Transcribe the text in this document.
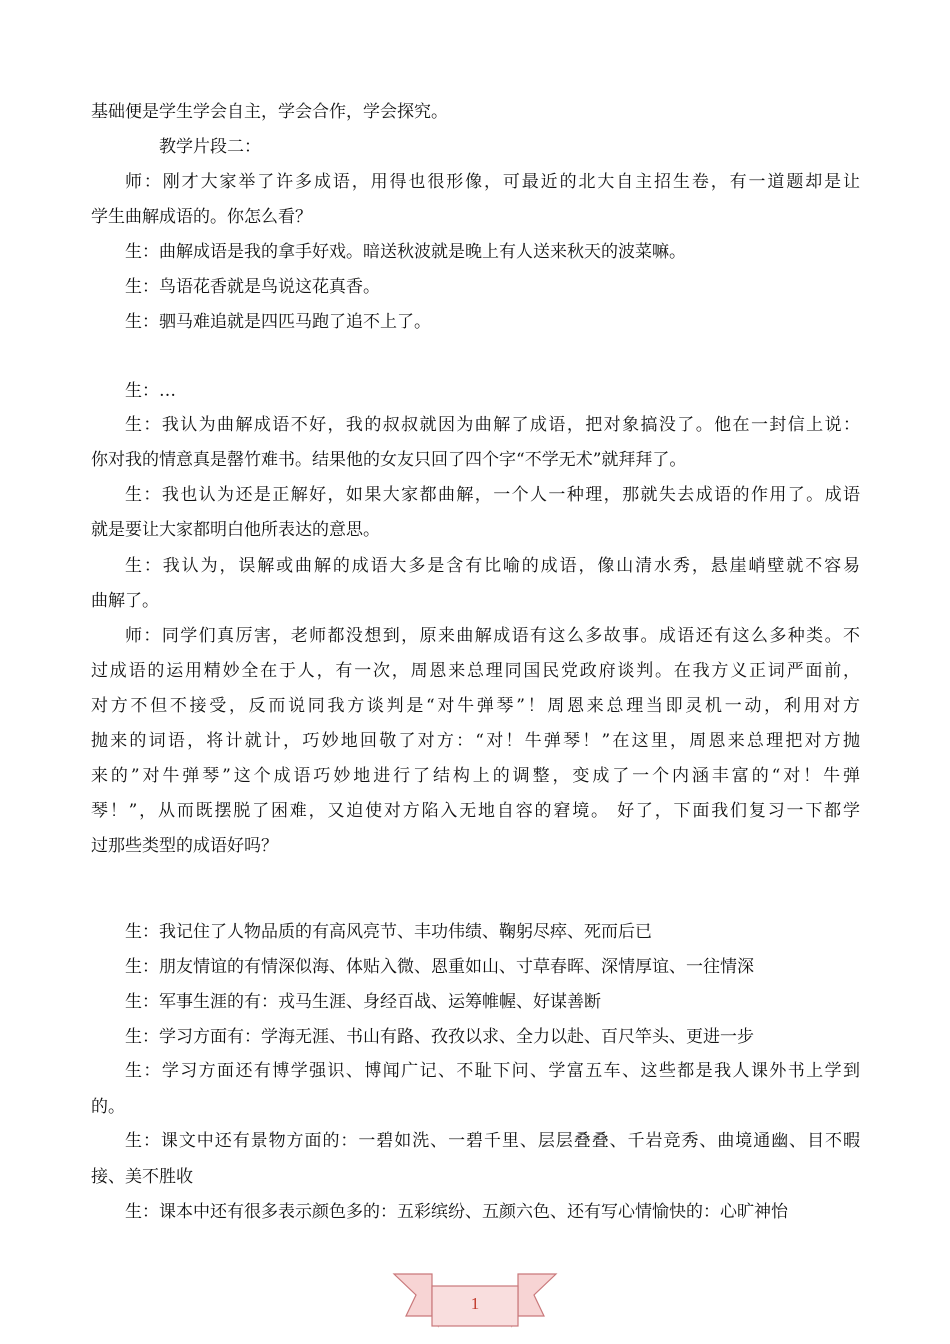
基础便是学生学会自主，学会合作，学会探究。
教学片段二：
师：刚才大家举了许多成语，用得也很形像，可最近的北大自主招生卷，有一道题却是让
学生曲解成语的。你怎么看？
生：曲解成语是我的拿手好戏。暗送秋波就是晚上有人送来秋天的波菜嘛。
生：鸟语花香就是鸟说这花真香。
生：驷马难追就是四匹马跑了追不上了。
生：…
生：我认为曲解成语不好，我的叔叔就因为曲解了成语，把对象搞没了。他在一封信上说：
你对我的情意真是罄竹难书。结果他的女友只回了四个字“不学无术”就拜拜了。
生：我也认为还是正解好，如果大家都曲解，一个人一种理，那就失去成语的作用了。成语
就是要让大家都明白他所表达的意思。
生：我认为，误解或曲解的成语大多是含有比喻的成语，像山清水秀，悬崖峭壁就不容易
曲解了。
师：同学们真厉害，老师都没想到，原来曲解成语有这么多故事。成语还有这么多种类。不
过成语的运用精妙全在于人，有一次，周恩来总理同国民党政府谈判。在我方义正词严面前，
对方不但不接受，反而说同我方谈判是“对牛弹琴”！周恩来总理当即灵机一动，利用对方
抛来的词语，将计就计，巧妙地回敬了对方：“对！牛弹琴！”在这里，周恩来总理把对方抛
来的”对牛弹琴”这个成语巧妙地进行了结构上的调整，变成了一个内涵丰富的“对！牛弹
琴！”，从而既摆脱了困难，又迫使对方陷入无地自容的窘境。 好了，下面我们复习一下都学
过那些类型的成语好吗？
生：我记住了人物品质的有高风亮节、丰功伟绩、鞠躬尽瘁、死而后已
生：朋友情谊的有情深似海、体贴入微、恩重如山、寸草春晖、深情厚谊、一往情深
生：军事生涯的有：戎马生涯、身经百战、运筹帷幄、好谋善断
生：学习方面有：学海无涯、书山有路、孜孜以求、全力以赴、百尺竿头、更进一步
生：学习方面还有博学强识、博闻广记、不耻下问、学富五车、这些都是我人课外书上学到
的。
生：课文中还有景物方面的：一碧如洗、一碧千里、层层叠叠、千岩竞秀、曲境通幽、目不暇
接、美不胜收
生：课本中还有很多表示颜色多的：五彩缤纷、五颜六色、还有写心情愉快的：心旷神怡
1
